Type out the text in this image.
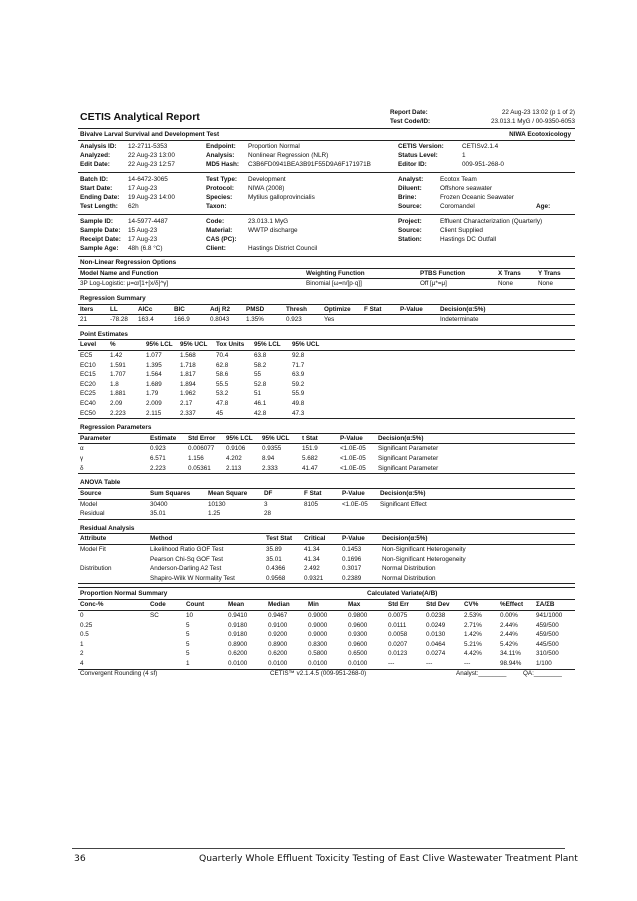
CETIS Analytical Report	Report Date:	22 Aug-23 13:02 (p 1 of 2)
Test Code/ID:	23.013.1 MyG / 00-9350-6053
Bivalve Larval Survival and Development Test	NIWA Ecotoxicology
Analysis ID: 12-2711-5353
Analyzed:	22 Aug-23 13:00
Edit Date:	22 Aug-23 12:57
Endpoint: Proportion Normal
Analysis: Nonlinear Regression (NLR)
MD5 Hash: C3B6FD0941BEA3B91F55D9A6F171971B
CETIS Version:	CETISv2.1.4
Status Level:	1
Editor ID:	009-951-268-0
Batch ID:	14-6472-3065
Start Date: 17 Aug-23
Ending Date: 19 Aug-23 14:00
Test Length: 62h
Test Type: Development
Protocol: NIWA (2008)
Species: Mytilus galloprovincialis
Taxon:
Analyst:	Ecotox Team
Diluent:	Offshore seawater
Brine:	Frozen Oceanic Seawater
Source:	Coromandel	Age:
Sample ID: 14-5977-4487
Sample Date: 15 Aug-23
Receipt Date: 17 Aug-23
Sample Age: 48h (6.8 °C)
Code:	23.013.1 MyG
Material: WWTP discharge
CAS (PC):
Client:	Hastings District Council
Project:	Effluent Characterization (Quarterly)
Source:	Client Supplied
Station:	Hastings DC Outfall
Non-Linear Regression Options
Model Name and Function	Weighting Function	PTBS Function	X Trans	Y Trans
3P Log-Logistic: μ=α/[1+[x/δ]^γ]	Binomial [ω=n/[p·q]]	Off [μ*=μ]	None	None
Regression Summary
Iters	LL	AICc	BIC	Adj R2	PMSD	Thresh	Optimize	F Stat	P-Value	Decision(α:5%)
21	-78.28	163.4	166.9	0.8043	1.35%	0.923	Yes			Indeterminate
Point Estimates
Level	%	95% LCL	95% UCL	Tox Units	95% LCL	95% UCL
EC5	1.42	1.077	1.568	70.4	63.8	92.8
EC10	1.591	1.395	1.718	62.8	58.2	71.7
EC15	1.707	1.564	1.817	58.6	55	63.9
EC20	1.8	1.689	1.894	55.5	52.8	59.2
EC25	1.881	1.79	1.962	53.2	51	55.9
EC40	2.09	2.009	2.17	47.8	46.1	49.8
EC50	2.223	2.115	2.337	45	42.8	47.3
Regression Parameters
Parameter	Estimate	Std Error	95% LCL	95% UCL	t Stat	P-Value	Decision(α:5%)
α	0.923	0.006077	0.9106	0.9355	151.9	<1.0E-05	Significant Parameter
γ	6.571	1.156	4.202	8.94	5.682	<1.0E-05	Significant Parameter
δ	2.223	0.05361	2.113	2.333	41.47	<1.0E-05	Significant Parameter
ANOVA Table
Source	Sum Squares	Mean Square	DF	F Stat	P-Value	Decision(α:5%)
Model	30400	10130	3	8105	<1.0E-05	Significant Effect
Residual	35.01	1.25	28			
Residual Analysis
Attribute	Method	Test Stat	Critical	P-Value	Decision(α:5%)
Model Fit	Likelihood Ratio GOF Test	35.89	41.34	0.1453	Non-Significant Heterogeneity
	Pearson Chi-Sq GOF Test	35.01	41.34	0.1696	Non-Significant Heterogeneity
Distribution	Anderson-Darling A2 Test	0.4366	2.492	0.3017	Normal Distribution
	Shapiro-Wilk W Normality Test	0.9568	0.9321	0.2389	Normal Distribution
Proportion Normal Summary	Calculated Variate(A/B)
Conc-%	Code	Count	Mean	Median	Min	Max	Std Err	Std Dev	CV%	%Effect	ΣA/ΣB
0	SC	10	0.9410	0.9467	0.9000	0.9800	0.0075	0.0238	2.53%	0.00%	941/1000
0.25		5	0.9180	0.9100	0.9000	0.9600	0.0111	0.0249	2.71%	2.44%	459/500
0.5		5	0.9180	0.9200	0.9000	0.9300	0.0058	0.0130	1.42%	2.44%	459/500
1		5	0.8900	0.8900	0.8300	0.9600	0.0207	0.0464	5.21%	5.42%	445/500
2		5	0.6200	0.6200	0.5800	0.6500	0.0123	0.0274	4.42%	34.11%	310/500
4		1	0.0100	0.0100	0.0100	0.0100	---	---	---	98.94%	1/100
Convergent Rounding (4 sf)	CETIS™ v2.1.4.5 (009-951-268-0)	Analyst:________	QA:________
36	Quarterly Whole Effluent Toxicity Testing of East Clive Wastewater Treatment Plant
